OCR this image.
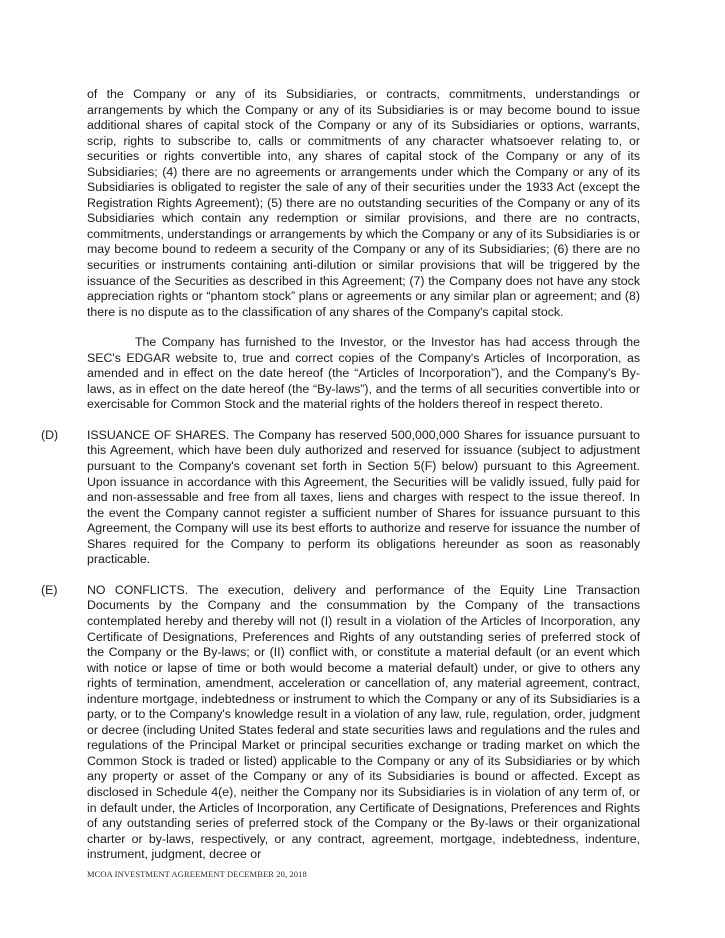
of the Company or any of its Subsidiaries, or contracts, commitments, understandings or arrangements by which the Company or any of its Subsidiaries is or may become bound to issue additional shares of capital stock of the Company or any of its Subsidiaries or options, warrants, scrip, rights to subscribe to, calls or commitments of any character whatsoever relating to, or securities or rights convertible into, any shares of capital stock of the Company or any of its Subsidiaries; (4) there are no agreements or arrangements under which the Company or any of its Subsidiaries is obligated to register the sale of any of their securities under the 1933 Act (except the Registration Rights Agreement); (5) there are no outstanding securities of the Company or any of its Subsidiaries which contain any redemption or similar provisions, and there are no contracts, commitments, understandings or arrangements by which the Company or any of its Subsidiaries is or may become bound to redeem a security of the Company or any of its Subsidiaries; (6) there are no securities or instruments containing anti-dilution or similar provisions that will be triggered by the issuance of the Securities as described in this Agreement; (7) the Company does not have any stock appreciation rights or “phantom stock” plans or agreements or any similar plan or agreement; and (8) there is no dispute as to the classification of any shares of the Company's capital stock.

The Company has furnished to the Investor, or the Investor has had access through the SEC's EDGAR website to, true and correct copies of the Company's Articles of Incorporation, as amended and in effect on the date hereof (the “Articles of Incorporation”), and the Company's By-laws, as in effect on the date hereof (the “By-laws”), and the terms of all securities convertible into or exercisable for Common Stock and the material rights of the holders thereof in respect thereto.

(D) ISSUANCE OF SHARES. The Company has reserved 500,000,000 Shares for issuance pursuant to this Agreement, which have been duly authorized and reserved for issuance (subject to adjustment pursuant to the Company's covenant set forth in Section 5(F) below) pursuant to this Agreement. Upon issuance in accordance with this Agreement, the Securities will be validly issued, fully paid for and non-assessable and free from all taxes, liens and charges with respect to the issue thereof. In the event the Company cannot register a sufficient number of Shares for issuance pursuant to this Agreement, the Company will use its best efforts to authorize and reserve for issuance the number of Shares required for the Company to perform its obligations hereunder as soon as reasonably practicable.

(E) NO CONFLICTS. The execution, delivery and performance of the Equity Line Transaction Documents by the Company and the consummation by the Company of the transactions contemplated hereby and thereby will not (I) result in a violation of the Articles of Incorporation, any Certificate of Designations, Preferences and Rights of any outstanding series of preferred stock of the Company or the By-laws; or (II) conflict with, or constitute a material default (or an event which with notice or lapse of time or both would become a material default) under, or give to others any rights of termination, amendment, acceleration or cancellation of, any material agreement, contract, indenture mortgage, indebtedness or instrument to which the Company or any of its Subsidiaries is a party, or to the Company's knowledge result in a violation of any law, rule, regulation, order, judgment or decree (including United States federal and state securities laws and regulations and the rules and regulations of the Principal Market or principal securities exchange or trading market on which the Common Stock is traded or listed) applicable to the Company or any of its Subsidiaries or by which any property or asset of the Company or any of its Subsidiaries is bound or affected. Except as disclosed in Schedule 4(e), neither the Company nor its Subsidiaries is in violation of any term of, or in default under, the Articles of Incorporation, any Certificate of Designations, Preferences and Rights of any outstanding series of preferred stock of the Company or the By-laws or their organizational charter or by-laws, respectively, or any contract, agreement, mortgage, indebtedness, indenture, instrument, judgment, decree or

MCOA INVESTMENT AGREEMENT DECEMBER 20, 2018
